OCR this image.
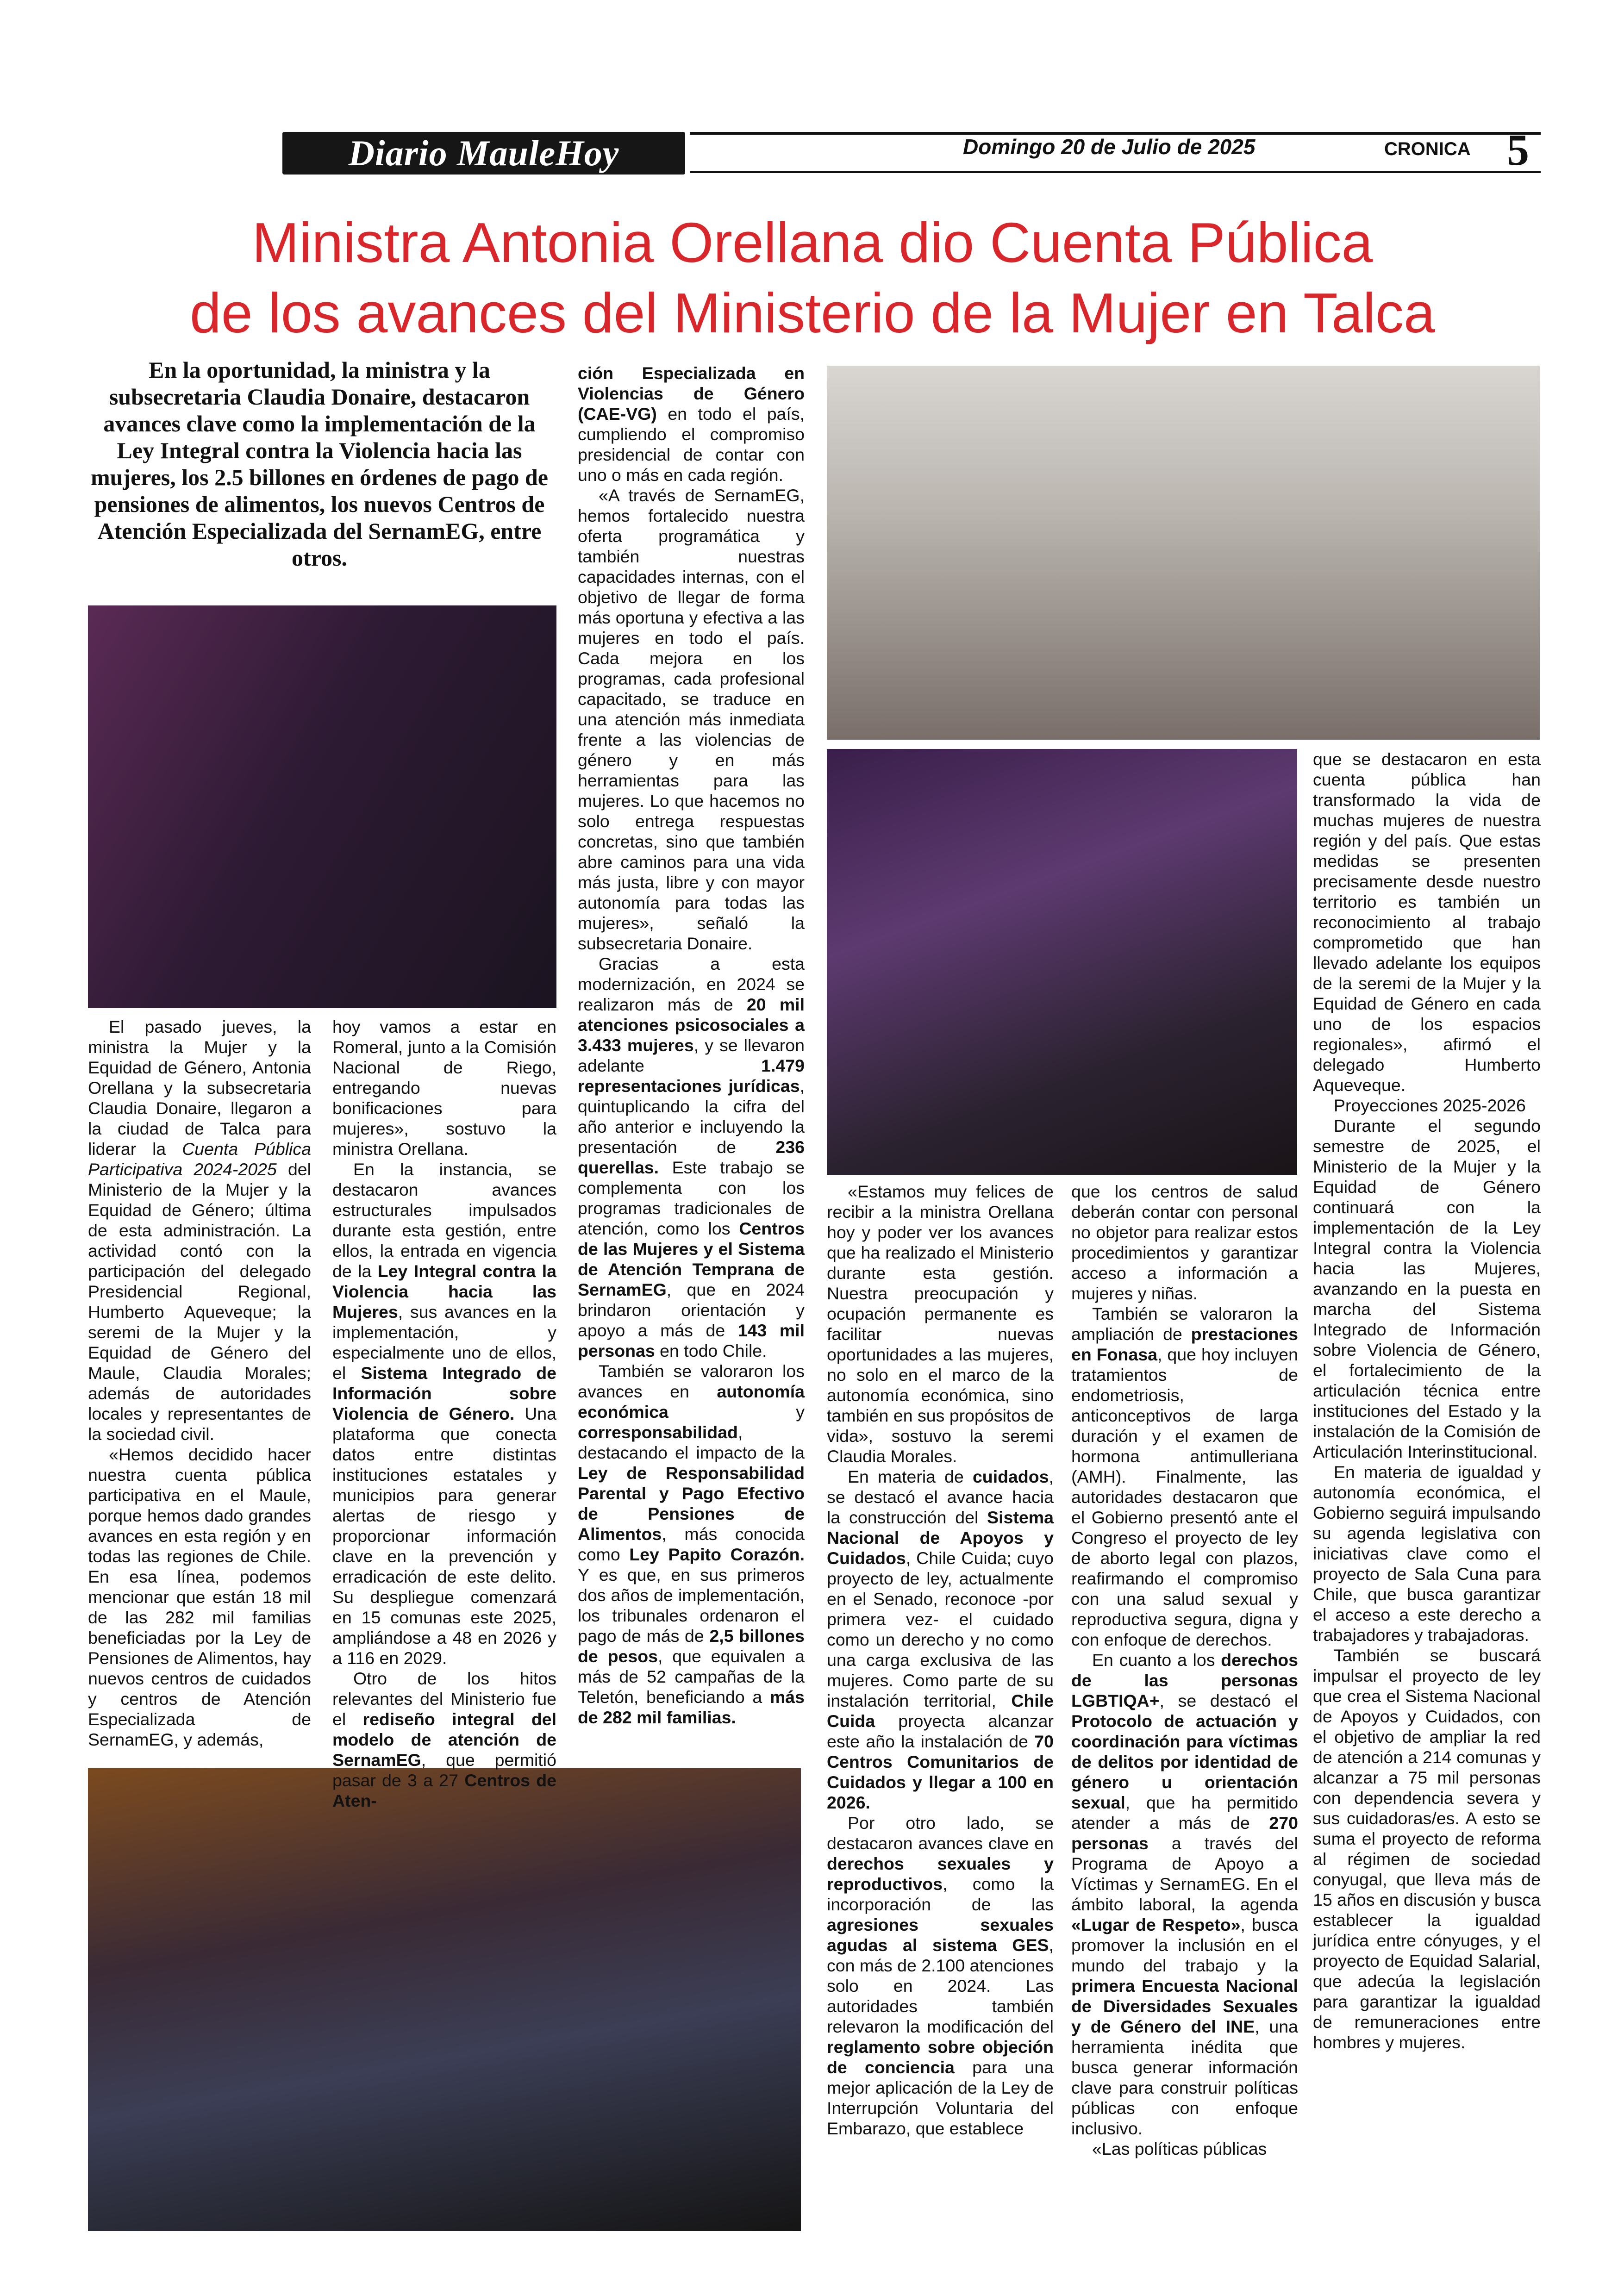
Diario MauleHoy	Domingo 20 de Julio de 2025	CRONICA 5
Ministra Antonia Orellana dio Cuenta Pública
de los avances del Ministerio de la Mujer en Talca
En la oportunidad, la ministra y la subsecretaria Claudia Donaire, destacaron avances clave como la implementación de la Ley Integral contra la Violencia hacia las mujeres, los 2.5 billones en órdenes de pago de pensiones de alimentos, los nuevos Centros de Atención Especializada del SernamEG, entre otros.

El pasado jueves, la ministra la Mujer y la Equidad de Género, Antonia Orellana y la subsecretaria Claudia Donaire, llegaron a la ciudad de Talca para liderar la Cuenta Pública Participativa 2024-2025 del Ministerio de la Mujer y la Equidad de Género; última de esta administración. La actividad contó con la participación del delegado Presidencial Regional, Humberto Aqueveque; la seremi de la Mujer y la Equidad de Género del Maule, Claudia Morales; además de autoridades locales y representantes de la sociedad civil.

«Hemos decidido hacer nuestra cuenta pública participativa en el Maule, porque hemos dado grandes avances en esta región y en todas las regiones de Chile. En esa línea, podemos mencionar que están 18 mil de las 282 mil familias beneficiadas por la Ley de Pensiones de Alimentos, hay nuevos centros de cuidados y centros de Atención Especializada de SernamEG, y además,

hoy vamos a estar en Romeral, junto a la Comisión Nacional de Riego, entregando nuevas bonificaciones para mujeres», sostuvo la ministra Orellana.

En la instancia, se destacaron avances estructurales impulsados durante esta gestión, entre ellos, la entrada en vigencia de la Ley Integral contra la Violencia hacia las Mujeres, sus avances en la implementación, y especialmente uno de ellos, el Sistema Integrado de Información sobre Violencia de Género. Una plataforma que conecta datos entre distintas instituciones estatales y municipios para generar alertas de riesgo y proporcionar información clave en la prevención y erradicación de este delito. Su despliegue comenzará en 15 comunas este 2025, ampliándose a 48 en 2026 y a 116 en 2029.

Otro de los hitos relevantes del Ministerio fue el rediseño integral del modelo de atención de SernamEG, que permitió pasar de 3 a 27 Centros de Aten-

ción Especializada en Violencias de Género (CAE-VG) en todo el país, cumpliendo el compromiso presidencial de contar con uno o más en cada región.

«A través de SernamEG, hemos fortalecido nuestra oferta programática y también nuestras capacidades internas, con el objetivo de llegar de forma más oportuna y efectiva a las mujeres en todo el país. Cada mejora en los programas, cada profesional capacitado, se traduce en una atención más inmediata frente a las violencias de género y en más herramientas para las mujeres. Lo que hacemos no solo entrega respuestas concretas, sino que también abre caminos para una vida más justa, libre y con mayor autonomía para todas las mujeres», señaló la subsecretaria Donaire.

Gracias a esta modernización, en 2024 se realizaron más de 20 mil atenciones psicosociales a 3.433 mujeres, y se llevaron adelante 1.479 representaciones jurídicas, quintuplicando la cifra del año anterior e incluyendo la presentación de 236 querellas. Este trabajo se complementa con los programas tradicionales de atención, como los Centros de las Mujeres y el Sistema de Atención Temprana de SernamEG, que en 2024 brindaron orientación y apoyo a más de 143 mil personas en todo Chile.

También se valoraron los avances en autonomía económica y corresponsabilidad, destacando el impacto de la Ley de Responsabilidad Parental y Pago Efectivo de Pensiones de Alimentos, más conocida como Ley Papito Corazón. Y es que, en sus primeros dos años de implementación, los tribunales ordenaron el pago de más de 2,5 billones de pesos, que equivalen a más de 52 campañas de la Teletón, beneficiando a más de 282 mil familias.

«Estamos muy felices de recibir a la ministra Orellana hoy y poder ver los avances que ha realizado el Ministerio durante esta gestión. Nuestra preocupación y ocupación permanente es facilitar nuevas oportunidades a las mujeres, no solo en el marco de la autonomía económica, sino también en sus propósitos de vida», sostuvo la seremi Claudia Morales.

En materia de cuidados, se destacó el avance hacia la construcción del Sistema Nacional de Apoyos y Cuidados, Chile Cuida; cuyo proyecto de ley, actualmente en el Senado, reconoce -por primera vez- el cuidado como un derecho y no como una carga exclusiva de las mujeres. Como parte de su instalación territorial, Chile Cuida proyecta alcanzar este año la instalación de 70 Centros Comunitarios de Cuidados y llegar a 100 en 2026.

Por otro lado, se destacaron avances clave en derechos sexuales y reproductivos, como la incorporación de las agresiones sexuales agudas al sistema GES, con más de 2.100 atenciones solo en 2024. Las autoridades también relevaron la modificación del reglamento sobre objeción de conciencia para una mejor aplicación de la Ley de Interrupción Voluntaria del Embarazo, que establece

que los centros de salud deberán contar con personal no objetor para realizar estos procedimientos y garantizar acceso a información a mujeres y niñas.

También se valoraron la ampliación de prestaciones en Fonasa, que hoy incluyen tratamientos de endometriosis, anticonceptivos de larga duración y el examen de hormona antimulleriana (AMH). Finalmente, las autoridades destacaron que el Gobierno presentó ante el Congreso el proyecto de ley de aborto legal con plazos, reafirmando el compromiso con una salud sexual y reproductiva segura, digna y con enfoque de derechos.

En cuanto a los derechos de las personas LGBTIQA+, se destacó el Protocolo de actuación y coordinación para víctimas de delitos por identidad de género u orientación sexual, que ha permitido atender a más de 270 personas a través del Programa de Apoyo a Víctimas y SernamEG. En el ámbito laboral, la agenda «Lugar de Respeto», busca promover la inclusión en el mundo del trabajo y la primera Encuesta Nacional de Diversidades Sexuales y de Género del INE, una herramienta inédita que busca generar información clave para construir políticas públicas con enfoque inclusivo.

«Las políticas públicas

que se destacaron en esta cuenta pública han transformado la vida de muchas mujeres de nuestra región y del país. Que estas medidas se presenten precisamente desde nuestro territorio es también un reconocimiento al trabajo comprometido que han llevado adelante los equipos de la seremi de la Mujer y la Equidad de Género en cada uno de los espacios regionales», afirmó el delegado Humberto Aqueveque.

Proyecciones 2025-2026

Durante el segundo semestre de 2025, el Ministerio de la Mujer y la Equidad de Género continuará con la implementación de la Ley Integral contra la Violencia hacia las Mujeres, avanzando en la puesta en marcha del Sistema Integrado de Información sobre Violencia de Género, el fortalecimiento de la articulación técnica entre instituciones del Estado y la instalación de la Comisión de Articulación Interinstitucional.

En materia de igualdad y autonomía económica, el Gobierno seguirá impulsando su agenda legislativa con iniciativas clave como el proyecto de Sala Cuna para Chile, que busca garantizar el acceso a este derecho a trabajadores y trabajadoras.

También se buscará impulsar el proyecto de ley que crea el Sistema Nacional de Apoyos y Cuidados, con el objetivo de ampliar la red de atención a 214 comunas y alcanzar a 75 mil personas con dependencia severa y sus cuidadoras/es. A esto se suma el proyecto de reforma al régimen de sociedad conyugal, que lleva más de 15 años en discusión y busca establecer la igualdad jurídica entre cónyuges, y el proyecto de Equidad Salarial, que adecúa la legislación para garantizar la igualdad de remuneraciones entre hombres y mujeres.
